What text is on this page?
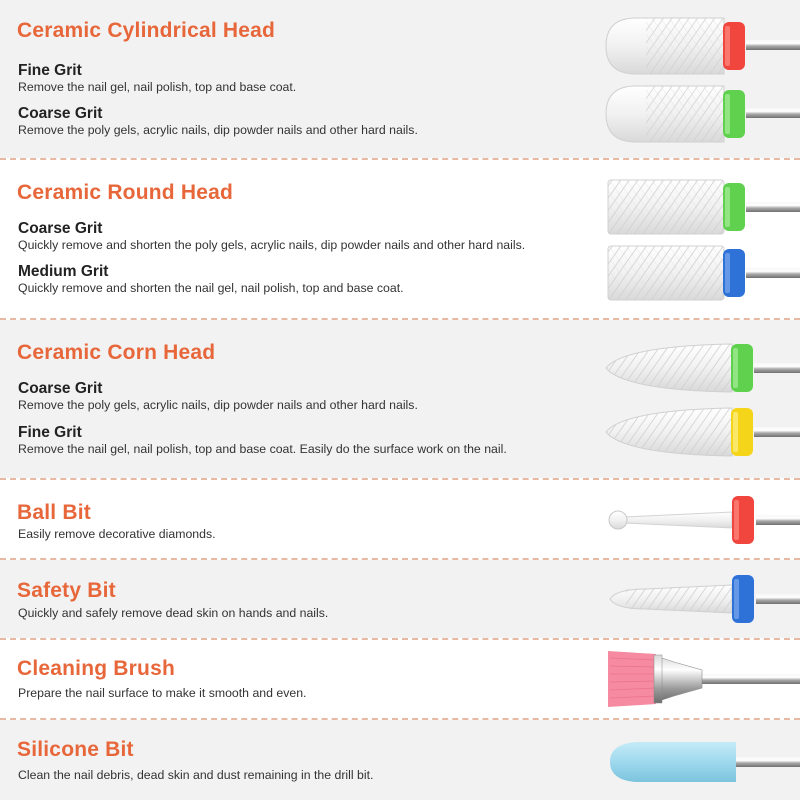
Ceramic Cylindrical Head
Fine Grit
Remove the nail gel, nail polish, top and base coat.
Coarse Grit
Remove the poly gels, acrylic nails, dip powder nails and other hard nails.
Ceramic Round Head
Coarse Grit
Quickly remove and shorten the poly gels, acrylic nails, dip powder nails and other hard nails.
Medium Grit
Quickly remove and shorten the nail gel, nail polish, top and base coat.
Ceramic Corn Head
Coarse Grit
Remove the poly gels, acrylic nails, dip powder nails and other hard nails.
Fine Grit
Remove the nail gel, nail polish, top and base coat. Easily do the surface work on the nail.
Ball Bit
Easily remove decorative diamonds.
Safety Bit
Quickly and safely remove dead skin on hands and nails.
Cleaning Brush
Prepare the nail surface to make it smooth and even.
Silicone Bit
Clean the nail debris, dead skin and dust remaining in the drill bit.
